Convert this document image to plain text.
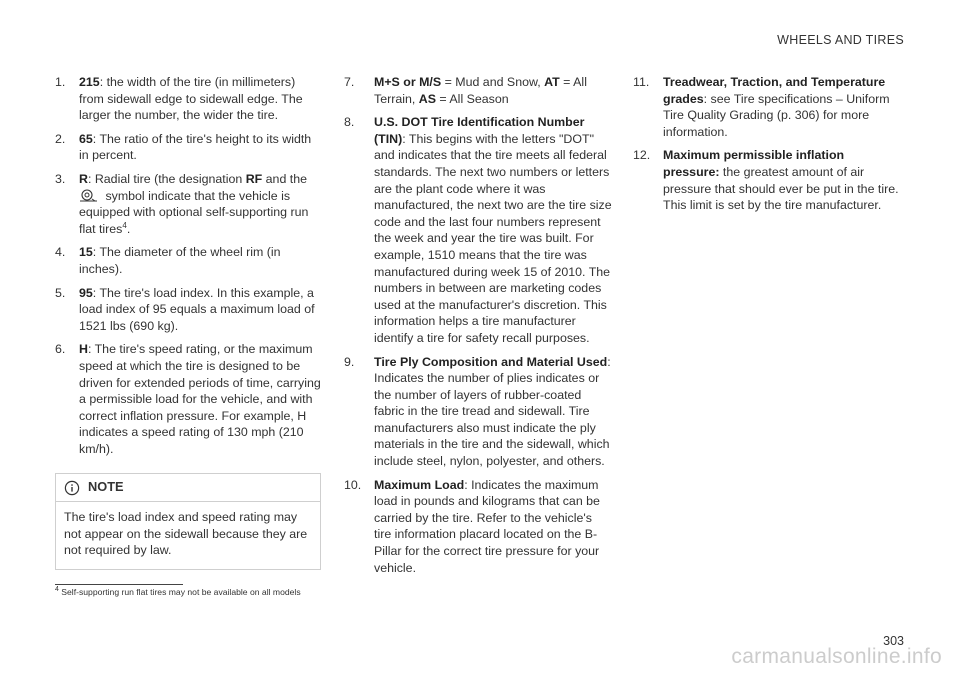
WHEELS AND TIRES
1.	215: the width of the tire (in millimeters) from sidewall edge to sidewall edge. The larger the number, the wider the tire.
2.	65: The ratio of the tire's height to its width in percent.
3.	R: Radial tire (the designation RF and the
symbol indicate that the vehicle is equipped with optional self-supporting run flat tires$^4$.
4.	15: The diameter of the wheel rim (in inches).
5.	95: The tire's load index. In this example, a load index of 95 equals a maximum load of 1521 lbs (690 kg).
6.	H: The tire's speed rating, or the maximum speed at which the tire is designed to be driven for extended periods of time, carrying a permissible load for the vehicle, and with correct inflation pressure. For example, H indicates a speed rating of 130 mph (210 km/h).
NOTE
The tire's load index and speed rating may not appear on the sidewall because they are not required by law.
7.	M+S or M/S = Mud and Snow, AT = All Terrain, AS = All Season
8.	U.S. DOT Tire Identification Number (TIN): This begins with the letters "DOT" and indicates that the tire meets all federal standards. The next two numbers or letters are the plant code where it was manufactured, the next two are the tire size code and the last four numbers represent the week and year the tire was built. For example, 1510 means that the tire was manufactured during week 15 of 2010. The numbers in between are marketing codes used at the manufacturer's discretion. This information helps a tire manufacturer identify a tire for safety recall purposes.
9.	Tire Ply Composition and Material Used: Indicates the number of plies indicates or the number of layers of rubber-coated fabric in the tire tread and sidewall. Tire manufacturers also must indicate the ply materials in the tire and the sidewall, which include steel, nylon, polyester, and others.
10.	Maximum Load: Indicates the maximum load in pounds and kilograms that can be carried by the tire. Refer to the vehicle's tire information placard located on the B-Pillar for the correct tire pressure for your vehicle.
11.	Treadwear, Traction, and Temperature grades: see Tire specifications – Uniform Tire Quality Grading (p. 306) for more information.
12.	Maximum permissible inflation pressure: the greatest amount of air pressure that should ever be put in the tire. This limit is set by the tire manufacturer.
$^4$ Self-supporting run flat tires may not be available on all models
303
carmanualsonline.info
